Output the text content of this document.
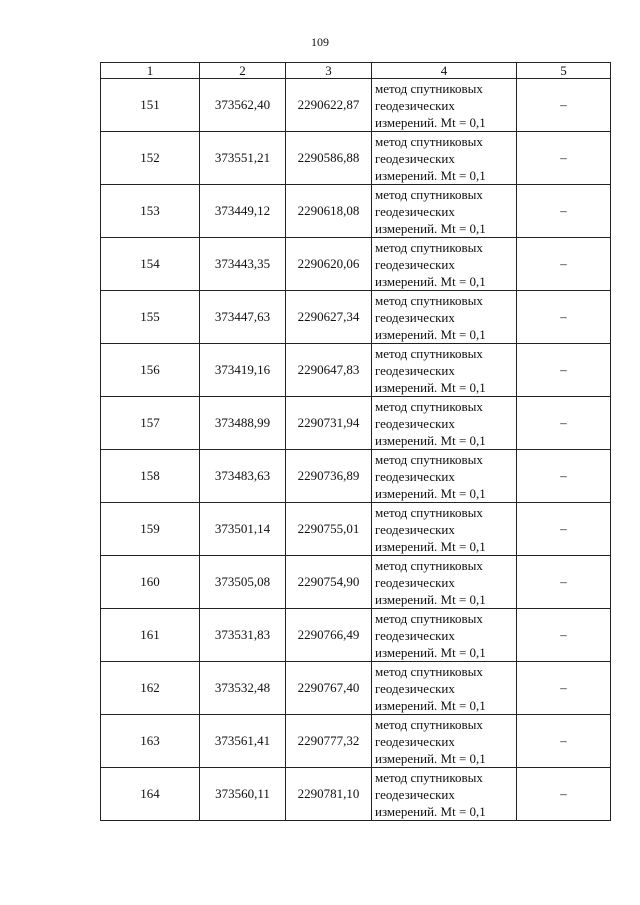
109
1	2	3	4	5
151	373562,40	2290622,87	метод спутниковых
геодезических
измерений. Mt = 0,1	–
152	373551,21	2290586,88	метод спутниковых
геодезических
измерений. Mt = 0,1	–
153	373449,12	2290618,08	метод спутниковых
геодезических
измерений. Mt = 0,1	–
154	373443,35	2290620,06	метод спутниковых
геодезических
измерений. Mt = 0,1	–
155	373447,63	2290627,34	метод спутниковых
геодезических
измерений. Mt = 0,1	–
156	373419,16	2290647,83	метод спутниковых
геодезических
измерений. Mt = 0,1	–
157	373488,99	2290731,94	метод спутниковых
геодезических
измерений. Mt = 0,1	–
158	373483,63	2290736,89	метод спутниковых
геодезических
измерений. Mt = 0,1	–
159	373501,14	2290755,01	метод спутниковых
геодезических
измерений. Mt = 0,1	–
160	373505,08	2290754,90	метод спутниковых
геодезических
измерений. Mt = 0,1	–
161	373531,83	2290766,49	метод спутниковых
геодезических
измерений. Mt = 0,1	–
162	373532,48	2290767,40	метод спутниковых
геодезических
измерений. Mt = 0,1	–
163	373561,41	2290777,32	метод спутниковых
геодезических
измерений. Mt = 0,1	–
164	373560,11	2290781,10	метод спутниковых
геодезических
измерений. Mt = 0,1	–
